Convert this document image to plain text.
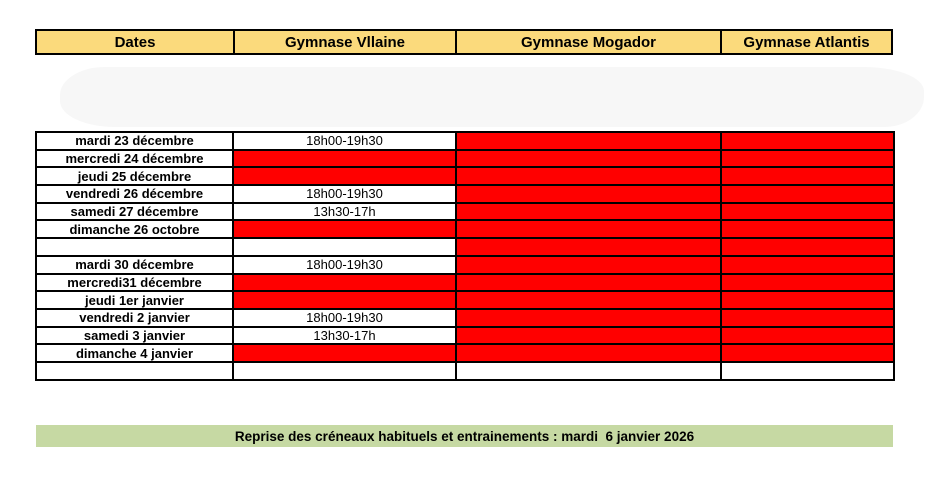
Dates	Gymnase Vllaine	Gymnase Mogador	Gymnase Atlantis
mardi 23 décembre	18h00-19h30		
mercredi 24 décembre			
jeudi 25 décembre			
vendredi 26 décembre	18h00-19h30		
samedi 27 décembre	13h30-17h		
dimanche 26 octobre			

mardi 30 décembre	18h00-19h30		
mercredi31 décembre			
jeudi 1er janvier			
vendredi 2 janvier	18h00-19h30		
samedi 3 janvier	13h30-17h		
dimanche 4 janvier			

Reprise des créneaux habituels et entrainements : mardi  6 janvier 2026
